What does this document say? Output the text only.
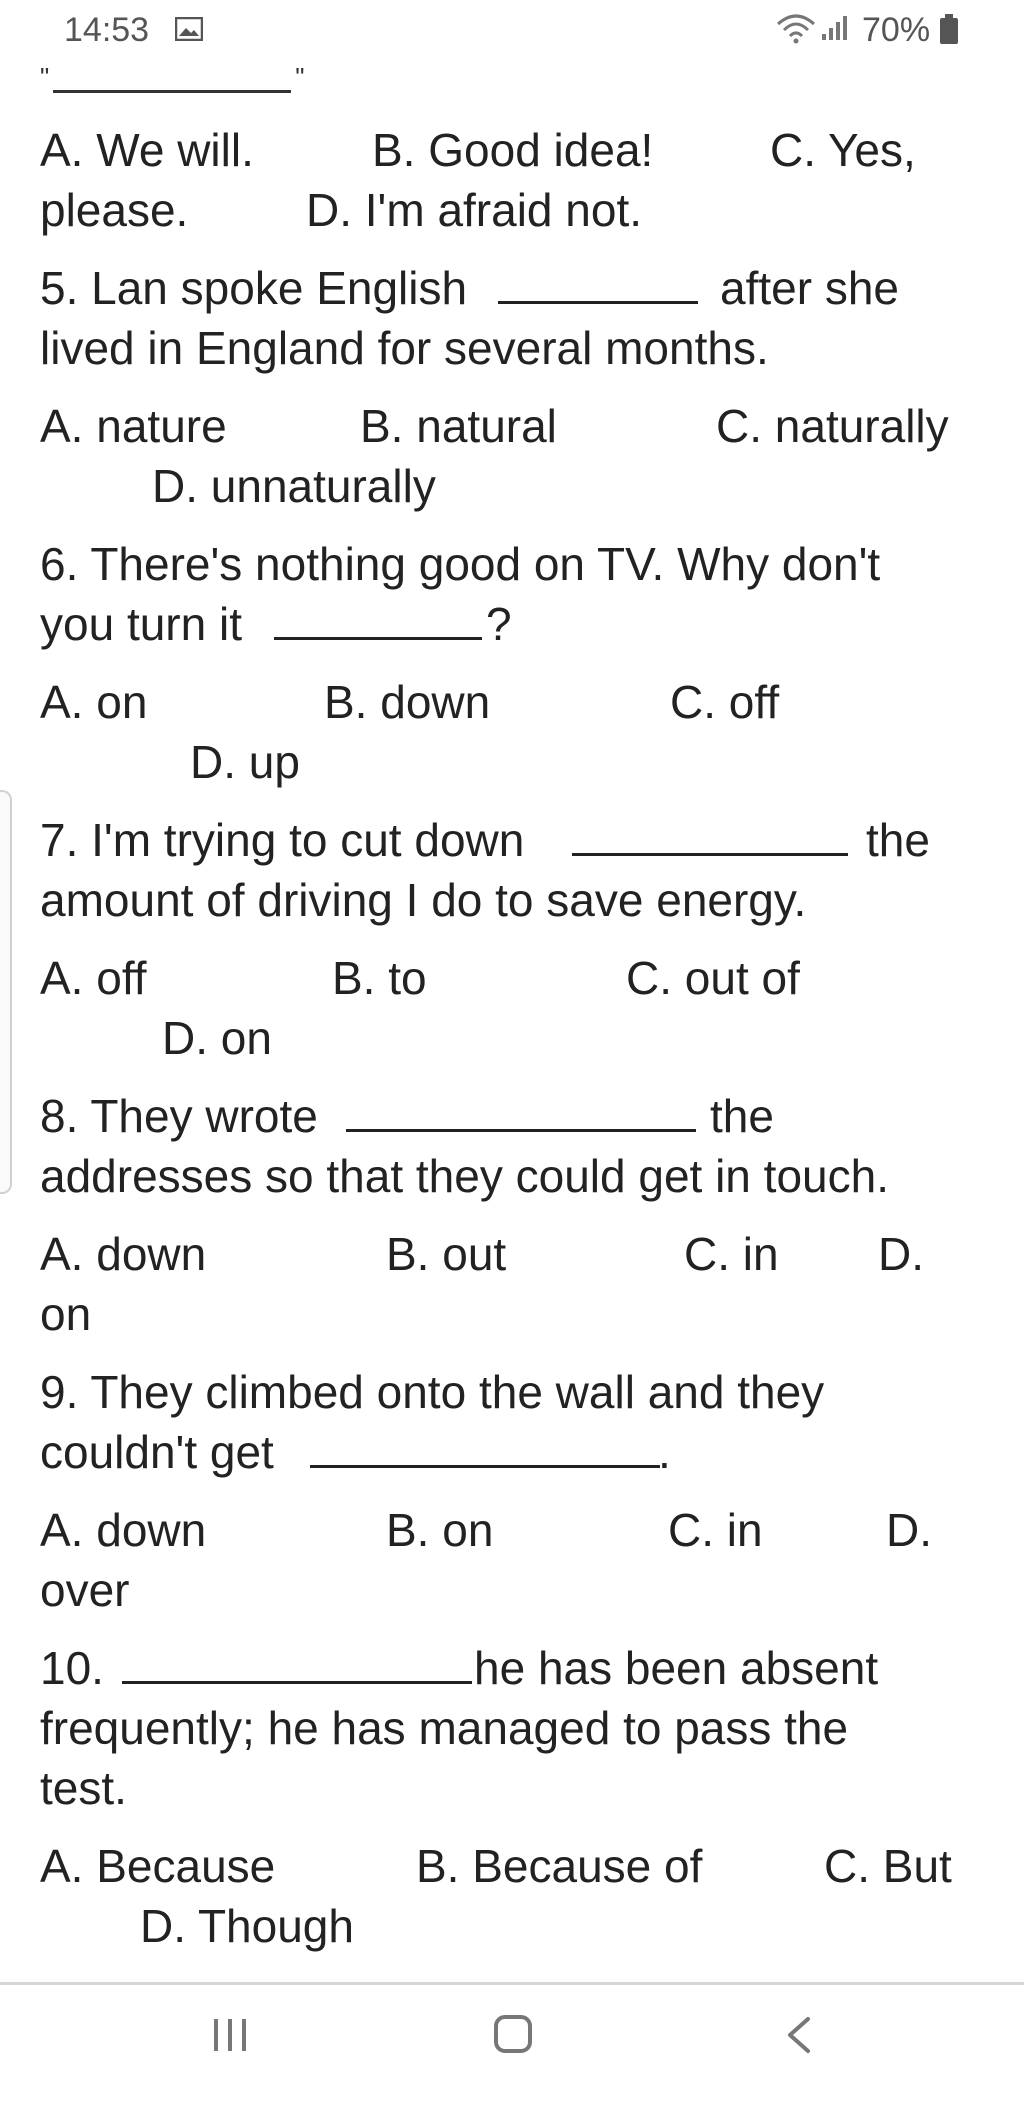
14:53	70%
"	"
A. We will.	B. Good idea!	C. Yes,
please.	D. I'm afraid not.
5. Lan spoke English	after she
lived in England for several months.
A. nature	B. natural	C. naturally
D. unnaturally
6. There's nothing good on TV. Why don't
you turn it	?
A. on	B. down	C. off
D. up
7. I'm trying to cut down	the
amount of driving I do to save energy.
A. off	B. to	C. out of
D. on
8. They wrote	the
addresses so that they could get in touch.
A. down	B. out	C. in D.
on
9. They climbed onto the wall and they
couldn't get	.
A. down	B. on	C. in	D.
over
10.	he has been absent
frequently; he has managed to pass the
test.
A. Because	B. Because of	C. But
D. Though
